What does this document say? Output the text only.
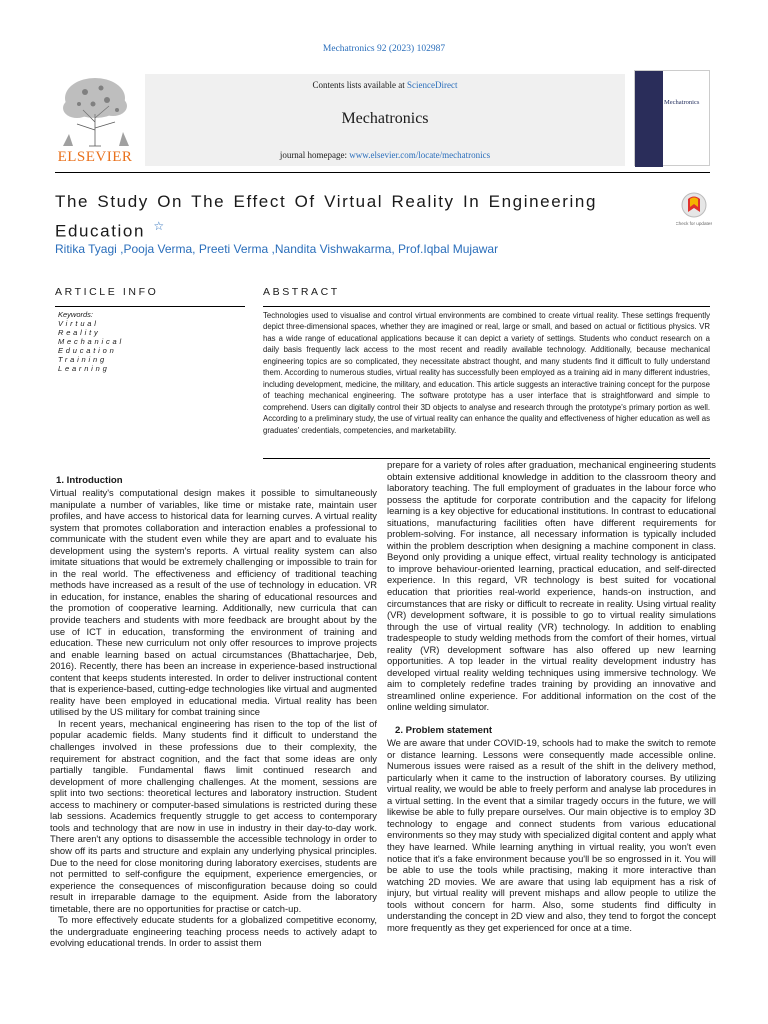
Mechatronics 92 (2023) 102987
ELSEVIER
Contents lists available at ScienceDirect
Mechatronics
journal homepage: www.elsevier.com/locate/mechatronics
Mechatronics
The Study On The Effect Of Virtual Reality In Engineering Education ☆	Check for updates
Ritika Tyagi ,Pooja Verma, Preeti Verma ,Nandita Vishwakarma, Prof.Iqbal Mujawar
ARTICLE INFO	ABSTRACT
Keywords:
Virtual
Reality
Mechanical
Education
Training
Learning
Technologies used to visualise and control virtual environments are combined to create virtual reality. These settings frequently depict three-dimensional spaces, whether they are imagined or real, large or small, and based on actual or fictitious physics. VR has a wide range of educational applications because it can depict a variety of settings. Students who conduct research on a daily basis frequently lack access to the most recent and readily available technology. Additionally, because mechanical engineering topics are so complicated, they necessitate abstract thought, and many students find it difficult to fully understand them. According to numerous studies, virtual reality has successfully been employed as a training aid in many different industries, including development, medicine, the military, and education. This article suggests an interactive training concept for the purpose of teaching mechanical engineering. The software prototype has a user interface that is straightforward and simple to comprehend. Users can digitally control their 3D objects to analyse and research through the prototype's primary portion as well. According to a preliminary study, the use of virtual reality can enhance the quality and effectiveness of higher education as well as graduates' credentials, competencies, and marketability.
1. Introduction

Virtual reality's computational design makes it possible to simultaneously manipulate a number of variables, like time or mistake rate, maintain user profiles, and have access to historical data for learning curves. A virtual reality system that promotes collaboration and interaction enables a professional to communicate with the student even while they are apart and to evaluate his development using the system's reports. A virtual reality system can also imitate situations that would be extremely challenging or impossible to train for in the real world. The effectiveness and efficiency of traditional teaching methods have increased as a result of the use of technology in education. VR in education, for instance, enables the sharing of educational resources and the promotion of cooperative learning. Additionally, new curricula that can provide teachers and students with more feedback are brought about by the use of ICT in education, transforming the environment of training and education. These new curriculum not only offer resources to improve projects and enable learning based on actual circumstances (Bhattacharjee, Deb, 2016). Recently, there has been an increase in experience-based instructional content that keeps students interested. In order to deliver instructional content that is experience-based, cutting-edge technologies like virtual and augmented reality have been employed in educational media. Virtual reality has been utilised by the US military for combat training since

In recent years, mechanical engineering has risen to the top of the list of popular academic fields. Many students find it difficult to understand the challenges involved in these professions due to their complexity, the requirement for abstract cognition, and the fact that some ideas are only partially tangible. Fundamental flaws limit continued research and development of more challenging challenges. At the moment, sessions are split into two sections: theoretical lectures and laboratory instruction. Student access to machinery or computer-based simulations is restricted during these lab sessions. Academics frequently struggle to get access to contemporary tools and technology that are now in use in industry in their day-to-day work. There aren't any options to disassemble the accessible technology in order to show off its parts and structure and explain any underlying physical principles. Due to the need for close monitoring during laboratory exercises, students are not permitted to self-configure the equipment, experience emergencies, or experience the consequences of misconfiguration because doing so could result in irreparable damage to the equipment. Aside from the laboratory timetable, there are no opportunities for practise or catch-up.

To more effectively educate students for a globalized competitive economy, the undergraduate engineering teaching process needs to actively adapt to evolving educational trends. In order to assist them

prepare for a variety of roles after graduation, mechanical engineering students obtain extensive additional knowledge in addition to the classroom theory and laboratory teaching. The full employment of graduates in the labour force who possess the aptitude for corporate contribution and the capacity for lifelong learning is a key objective for educational institutions. In contrast to educational situations, manufacturing facilities often have different requirements for problem-solving. For instance, all necessary information is typically included within the problem description when designing a machine component in class. Beyond only providing a unique effect, virtual reality technology is anticipated to improve behaviour-oriented learning, practical education, and self-directed experience. In this regard, VR technology is best suited for vocational education that priorities real-world experience, hands-on instruction, and circumstances that are risky or difficult to recreate in reality. Using virtual reality (VR) development software, it is possible to go to virtual reality simulations through the use of virtual reality (VR) technology. In addition to enabling tradespeople to study welding methods from the comfort of their homes, virtual reality (VR) development software has also offered up new learning opportunities. A top leader in the virtual reality development industry has developed virtual reality welding techniques using immersive technology. We aim to completely redefine trades training by providing an innovative and streamlined online experience. For additional information on the cost of the online welding simulator.

2. Problem statement

We are aware that under COVID-19, schools had to make the switch to remote or distance learning. Lessons were consequently made accessible online. Numerous issues were raised as a result of the shift in the delivery method, particularly when it came to the instruction of laboratory courses. By utilizing virtual reality, we would be able to freely perform and analyse lab procedures in a virtual setting. In the event that a similar tragedy occurs in the future, we will likewise be able to fully prepare ourselves. Our main objective is to employ 3D technology to engage and connect students from various educational environments so they may study with specialized digital content and apply what they have learned. While learning anything in virtual reality, you won't even notice that it's a fake environment because you'll be so engrossed in it. You will be able to use the tools while practising, making it more interactive than watching 2D movies. We are aware that using lab equipment has a risk of injury, but virtual reality will prevent mishaps and allow people to utilize the tools without concern for harm. Also, some students find difficulty in understanding the concept in 2D view and also, they tend to forgot the concept more frequently as they get experienced for once at a time.
